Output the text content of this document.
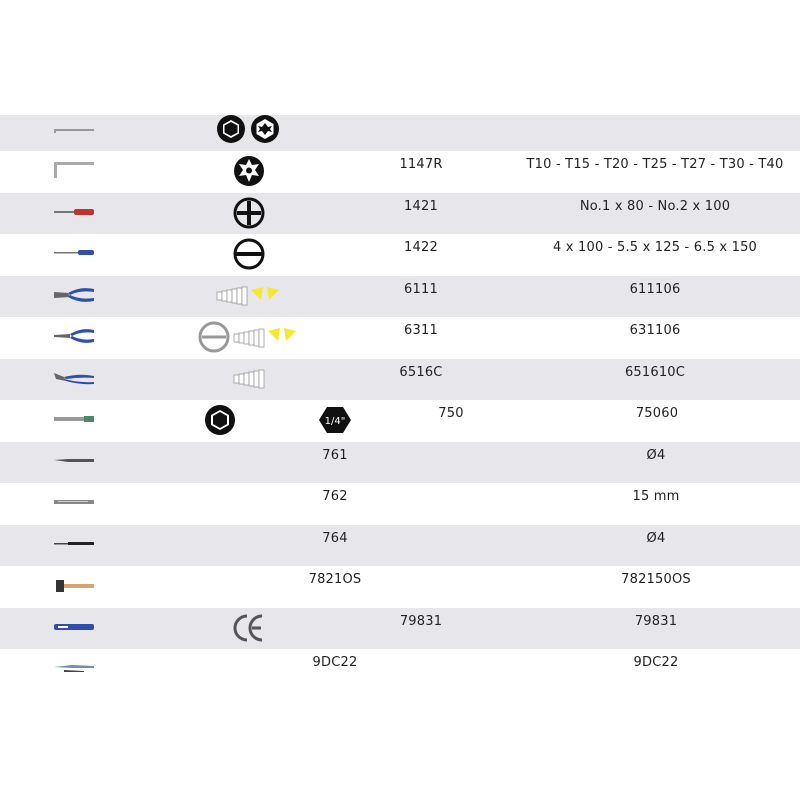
1147R	T10 - T15 - T20 - T25 - T27 - T30 - T40
1421	No.1 x 80 - No.2 x 100
1422	4 x 100 - 5.5 x 125 - 6.5 x 150
6111	611106
6311	631106
6516C	651610C
1/4"
750	75060
761	Ø4
762	15 mm
764	Ø4
7821OS	782150OS
79831	79831
9DC22	9DC22
